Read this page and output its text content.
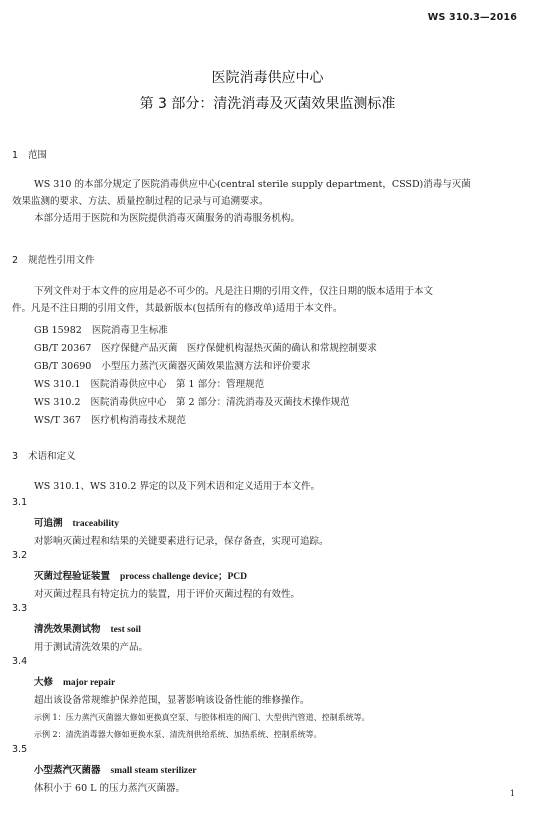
WS 310.3—2016
医院消毒供应中心
第 3 部分：清洗消毒及灭菌效果监测标准
1 范围
WS 310 的本部分规定了医院消毒供应中心(central sterile supply department，CSSD)消毒与灭菌
效果监测的要求、方法、质量控制过程的记录与可追溯要求。
本部分适用于医院和为医院提供消毒灭菌服务的消毒服务机构。
2 规范性引用文件
下列文件对于本文件的应用是必不可少的。凡是注日期的引用文件，仅注日期的版本适用于本文
件。凡是不注日期的引用文件，其最新版本(包括所有的修改单)适用于本文件。
GB 15982 医院消毒卫生标准
GB/T 20367 医疗保健产品灭菌　医疗保健机构湿热灭菌的确认和常规控制要求
GB/T 30690 小型压力蒸汽灭菌器灭菌效果监测方法和评价要求
WS 310.1 医院消毒供应中心　第 1 部分：管理规范
WS 310.2 医院消毒供应中心　第 2 部分：清洗消毒及灭菌技术操作规范
WS/T 367 医疗机构消毒技术规范
3 术语和定义
WS 310.1、WS 310.2 界定的以及下列术语和定义适用于本文件。
3.1
可追溯 traceability
对影响灭菌过程和结果的关键要素进行记录，保存备查，实现可追踪。
3.2
灭菌过程验证装置 process challenge device；PCD
对灭菌过程具有特定抗力的装置，用于评价灭菌过程的有效性。
3.3
清洗效果测试物 test soil
用于测试清洗效果的产品。
3.4
大修 major repair
超出该设备常规维护保养范围，显著影响该设备性能的维修操作。
示例 1：压力蒸汽灭菌器大修如更换真空泵、与腔体相连的阀门、大型供汽管道、控制系统等。
示例 2：清洗消毒器大修如更换水泵、清洗剂供给系统、加热系统、控制系统等。
3.5
小型蒸汽灭菌器 small steam sterilizer
体积小于 60 L 的压力蒸汽灭菌器。	1
